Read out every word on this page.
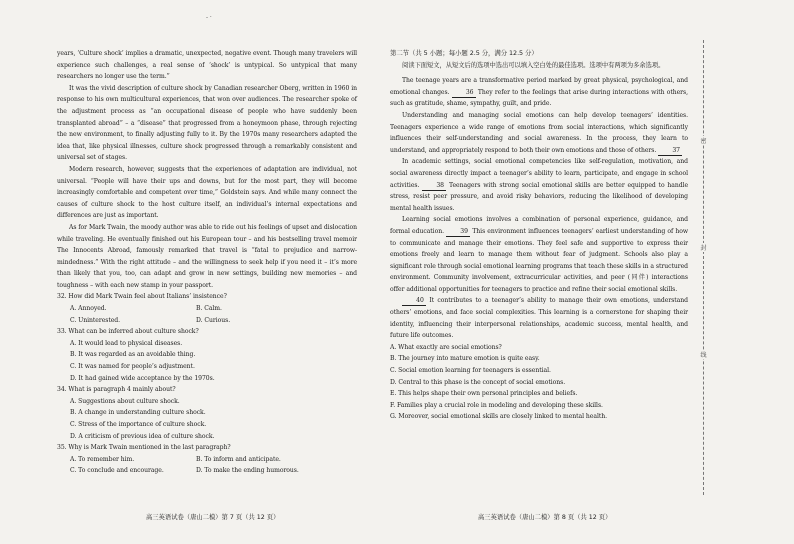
- ·

years, ‘Culture shock’ implies a dramatic, unexpected, negative event. Though many travelers will experience such challenges, a real sense of ‘shock’ is untypical. So untypical that many researchers no longer use the term.”

It was the vivid description of culture shock by Canadian researcher Oberg, written in 1960 in response to his own multicultural experiences, that won over audiences. The researcher spoke of the adjustment process as “an occupational disease of people who have suddenly been transplanted abroad” – a “disease” that progressed from a honeymoon phase, through rejecting the new environment, to finally adjusting fully to it. By the 1970s many researchers adapted the idea that, like physical illnesses, culture shock progressed through a remarkably consistent and universal set of stages.

Modern research, however, suggests that the experiences of adaptation are individual, not universal. “People will have their ups and downs, but for the most part, they will become increasingly comfortable and competent over time,” Goldstein says. And while many connect the causes of culture shock to the host culture itself, an individual’s internal expectations and differences are just as important.

As for Mark Twain, the moody author was able to ride out his feelings of upset and dislocation while traveling. He eventually finished out his European tour – and his bestselling travel memoir The Innocents Abroad, famously remarked that travel is “fatal to prejudice and narrow-mindedness.” With the right attitude – and the willingness to seek help if you need it – it’s more than likely that you, too, can adapt and grow in new settings, building new memories – and toughness – with each new stamp in your passport.

32. How did Mark Twain feel about Italians’ insistence?
A. Annoyed.	B. Calm.
C. Uninterested.	D. Curious.
33. What can be inferred about culture shock?
A. It would lead to physical diseases.
B. It was regarded as an avoidable thing.
C. It was named for people’s adjustment.
D. It had gained wide acceptance by the 1970s.
34. What is paragraph 4 mainly about?
A. Suggestions about culture shock.
B. A change in understanding culture shock.
C. Stress of the importance of culture shock.
D. A criticism of previous idea of culture shock.
35. Why is Mark Twain mentioned in the last paragraph?
A. To remember him.	B. To inform and anticipate.
C. To conclude and encourage.	D. To make the ending humorous.
高三英语试卷（唐山二模）第 7 页（共 12 页）
第二节（共 5 小题；每小题 2.5 分，满分 12.5 分）

阅读下面短文，从短文后的选项中选出可以填入空白处的最佳选项。选项中有两项为多余选项。

The teenage years are a transformative period marked by great physical, psychological, and emotional changes.	36 They refer to the feelings that arise during interactions with others, such as gratitude, shame, sympathy, guilt, and pride.

Understanding and managing social emotions can help develop teenagers’ identities. Teenagers experience a wide range of emotions from social interactions, which significantly influences their self-understanding and social awareness. In the process, they learn to understand, and appropriately respond to both their own emotions and those of others.	37

In academic settings, social emotional competencies like self-regulation, motivation, and social awareness directly impact a teenager’s ability to learn, participate, and engage in school activities.	38 Teenagers with strong social emotional skills are better equipped to handle stress, resist peer pressure, and avoid risky behaviors, reducing the likelihood of developing mental health issues.

Learning social emotions involves a combination of personal experience, guidance, and formal education.	39 This environment influences teenagers’ earliest understanding of how to communicate and manage their emotions. They feel safe and supportive to express their emotions freely and learn to manage them without fear of judgment. Schools also play a significant role through social emotional learning programs that teach these skills in a structured environment. Community involvement, extracurricular activities, and peer (同伴) interactions offer additional opportunities for teenagers to practice and refine their social emotional skills.

40 It contributes to a teenager’s ability to manage their own emotions, understand others’ emotions, and face social complexities. This learning is a cornerstone for shaping their identity, influencing their interpersonal relationships, academic success, mental health, and future life outcomes.

A. What exactly are social emotions?
B. The journey into mature emotion is quite easy.
C. Social emotion learning for teenagers is essential.
D. Central to this phase is the concept of social emotions.
E. This helps shape their own personal principles and beliefs.
F. Families play a crucial role in modeling and developing these skills.
G. Moreover, social emotional skills are closely linked to mental health.
高三英语试卷（唐山二模）第 8 页（共 12 页）
密
封
线
